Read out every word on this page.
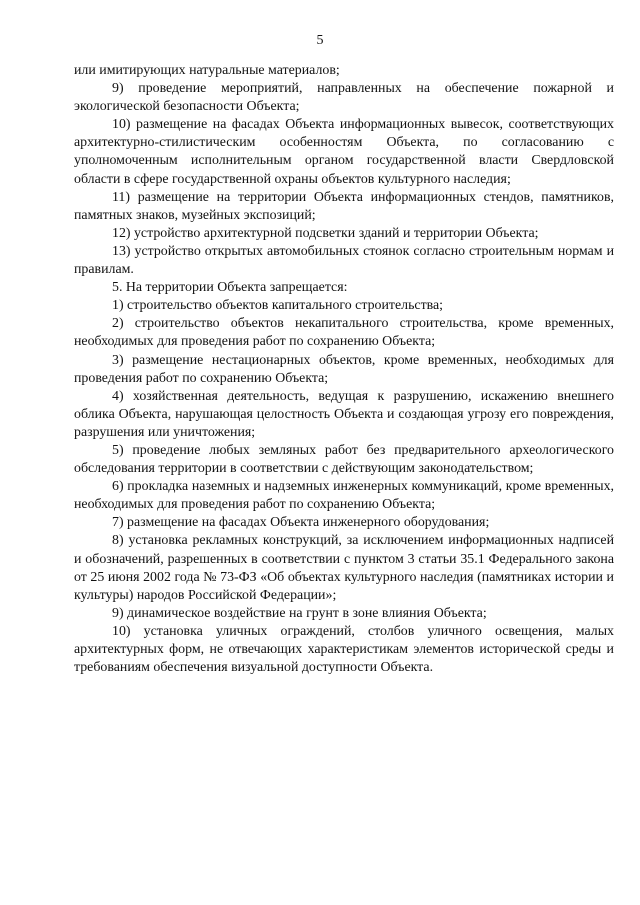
5

или имитирующих натуральные материалов;

9) проведение мероприятий, направленных на обеспечение пожарной и экологической безопасности Объекта;

10) размещение на фасадах Объекта информационных вывесок, соответствующих архитектурно-стилистическим особенностям Объекта, по согласованию с уполномоченным исполнительным органом государственной власти Свердловской области в сфере государственной охраны объектов культурного наследия;

11) размещение на территории Объекта информационных стендов, памятников, памятных знаков, музейных экспозиций;

12) устройство архитектурной подсветки зданий и территории Объекта;

13) устройство открытых автомобильных стоянок согласно строительным нормам и правилам.

5. На территории Объекта запрещается:

1) строительство объектов капитального строительства;

2) строительство объектов некапитального строительства, кроме временных, необходимых для проведения работ по сохранению Объекта;

3) размещение нестационарных объектов, кроме временных, необходимых для проведения работ по сохранению Объекта;

4) хозяйственная деятельность, ведущая к разрушению, искажению внешнего облика Объекта, нарушающая целостность Объекта и создающая угрозу его повреждения, разрушения или уничтожения;

5) проведение любых земляных работ без предварительного археологического обследования территории в соответствии с действующим законодательством;

6) прокладка наземных и надземных инженерных коммуникаций, кроме временных, необходимых для проведения работ по сохранению Объекта;

7) размещение на фасадах Объекта инженерного оборудования;

8) установка рекламных конструкций, за исключением информационных надписей и обозначений, разрешенных в соответствии с пунктом 3 статьи 35.1 Федерального закона от 25 июня 2002 года № 73-ФЗ «Об объектах культурного наследия (памятниках истории и культуры) народов Российской Федерации»;

9) динамическое воздействие на грунт в зоне влияния Объекта;

10) установка уличных ограждений, столбов уличного освещения, малых архитектурных форм, не отвечающих характеристикам элементов исторической среды и требованиям обеспечения визуальной доступности Объекта.
